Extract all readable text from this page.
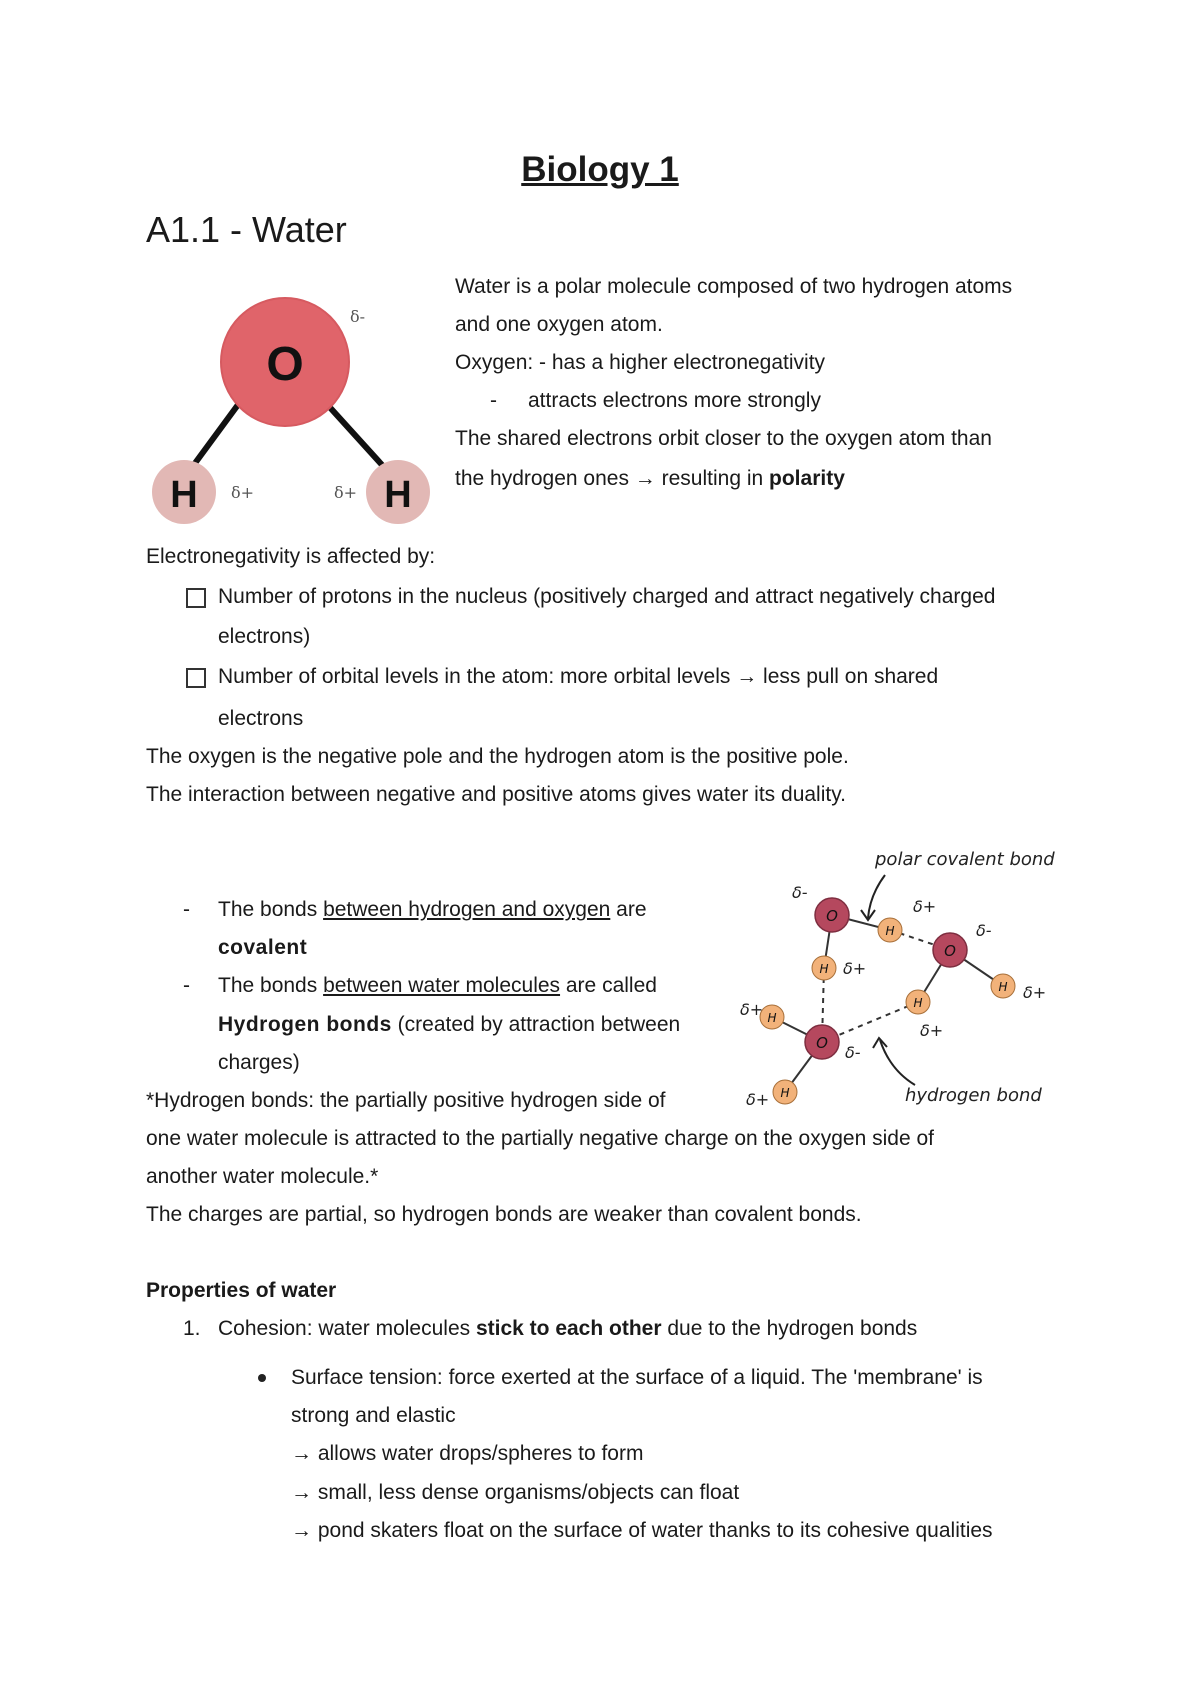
Biology 1
A1.1 - Water
O
δ-
H δ+	H
δ+
Water is a polar molecule composed of two hydrogen atoms
and one oxygen atom.
Oxygen: - has a higher electronegativity
- attracts electrons more strongly
The shared electrons orbit closer to the oxygen atom than
the hydrogen ones → resulting in polarity
Electronegativity is affected by:
Number of protons in the nucleus (positively charged and attract negatively charged
electrons)
Number of orbital levels in the atom: more orbital levels → less pull on shared
electrons
The oxygen is the negative pole and the hydrogen atom is the positive pole.
The interaction between negative and positive atoms gives water its duality.
- The bonds between hydrogen and oxygen are
covalent
- The bonds between water molecules are called
Hydrogen bonds (created by attraction between
charges)
*Hydrogen bonds: the partially positive hydrogen side of
one water molecule is attracted to the partially negative charge on the oxygen side of
another water molecule.*
The charges are partial, so hydrogen bonds are weaker than covalent bonds.
polar covalent bond
hydrogen bond
O
O
O
H
H
H
H
H
H
δ-
δ+
δ-
δ+
δ+
δ+
δ+
δ-
δ+
Properties of water
1. Cohesion: water molecules stick to each other due to the hydrogen bonds
Surface tension: force exerted at the surface of a liquid. The 'membrane' is
strong and elastic
→ allows water drops/spheres to form
→ small, less dense organisms/objects can float
→ pond skaters float on the surface of water thanks to its cohesive qualities
